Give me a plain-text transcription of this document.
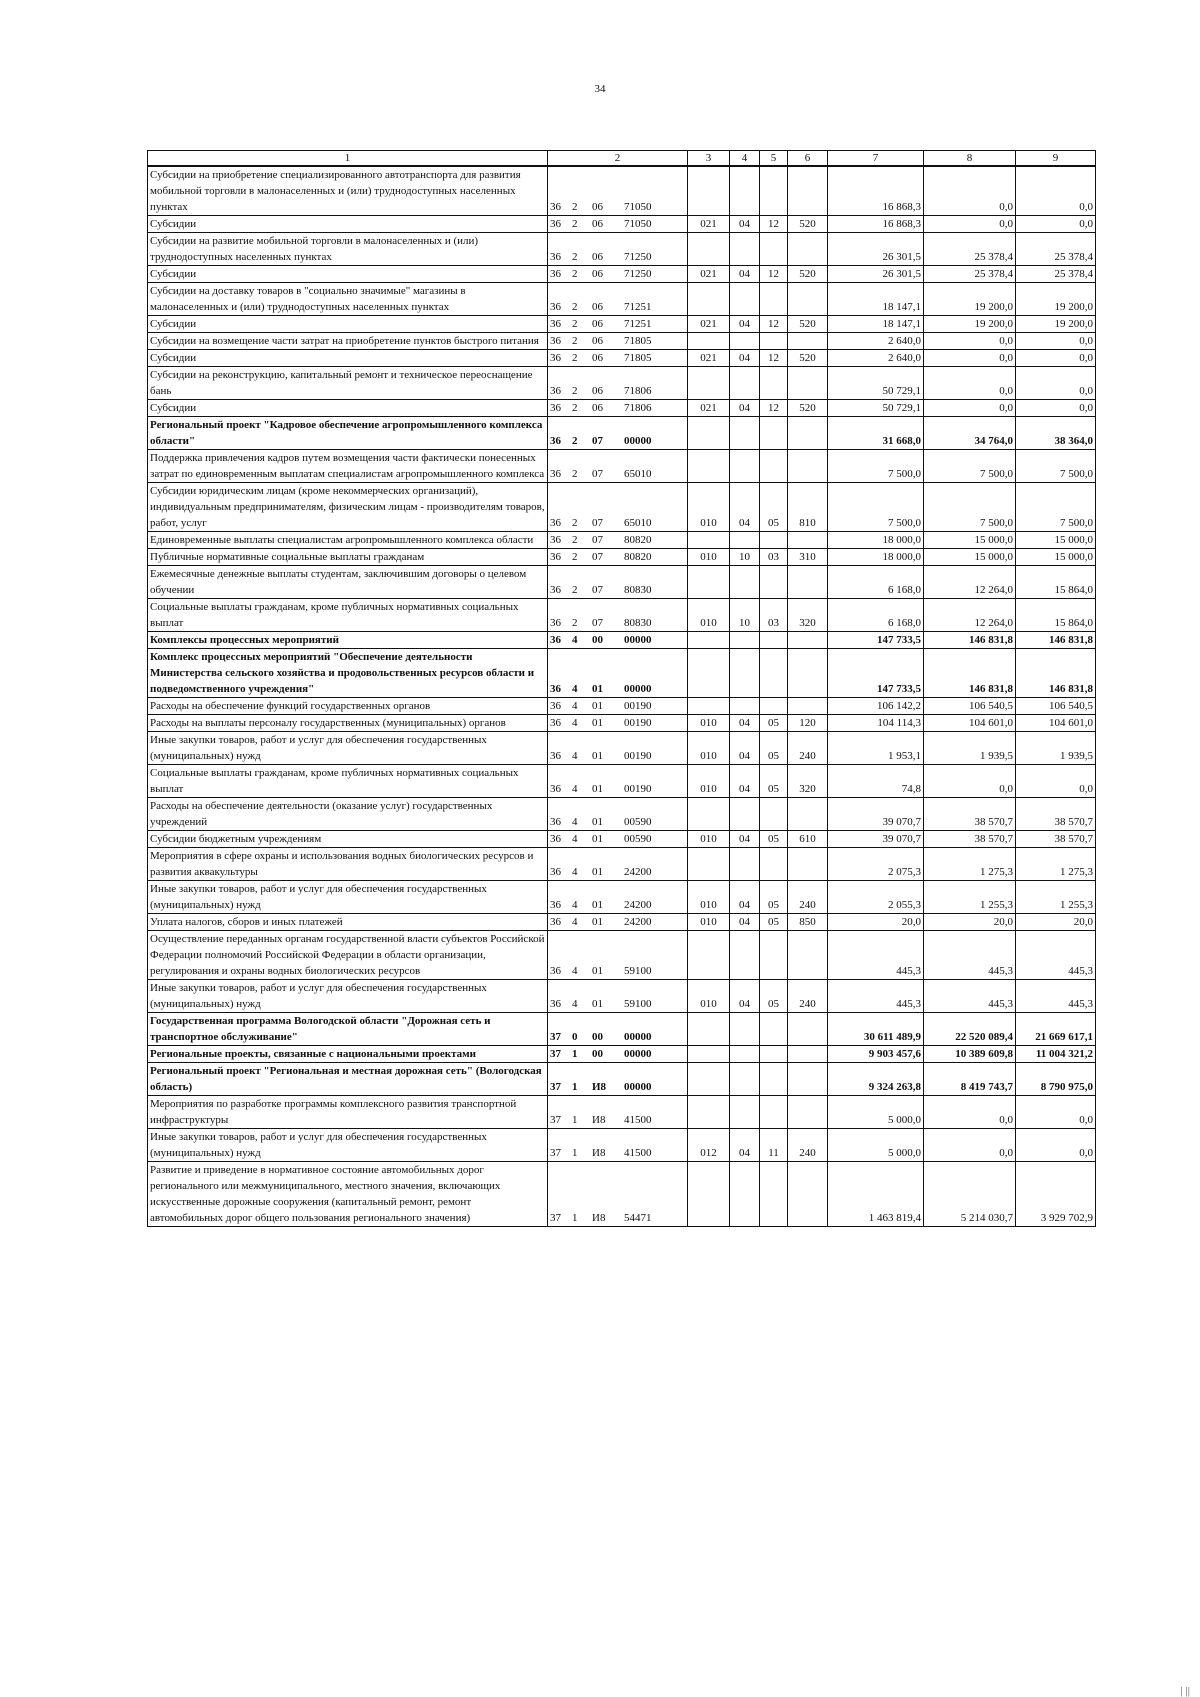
34
1	2	3	4	5	6	7	8	9
Субсидии на приобретение специализированного автотранспорта для развития мобильной торговли в малонаселенных и (или) труднодоступных населенных пунктах	36 2 06 71050					16 868,3	0,0	0,0
Субсидии	36 2 06 71050	021	04	12	520	16 868,3	0,0	0,0
Субсидии на развитие мобильной торговли в малонаселенных и (или) труднодоступных населенных пунктах	36 2 06 71250					26 301,5	25 378,4	25 378,4
Субсидии	36 2 06 71250	021	04	12	520	26 301,5	25 378,4	25 378,4
Субсидии на доставку товаров в "социально значимые" магазины в малонаселенных и (или) труднодоступных населенных пунктах	36 2 06 71251					18 147,1	19 200,0	19 200,0
Субсидии	36 2 06 71251	021	04	12	520	18 147,1	19 200,0	19 200,0
Субсидии на возмещение части затрат на приобретение пунктов быстрого питания	36 2 06 71805					2 640,0	0,0	0,0
Субсидии	36 2 06 71805	021	04	12	520	2 640,0	0,0	0,0
Субсидии на реконструкцию, капитальный ремонт и техническое переоснащение бань	36 2 06 71806					50 729,1	0,0	0,0
Субсидии	36 2 06 71806	021	04	12	520	50 729,1	0,0	0,0
Региональный проект "Кадровое обеспечение агропромышленного комплекса области"	36 2 07 00000					31 668,0	34 764,0	38 364,0
Поддержка привлечения кадров путем возмещения части фактически понесенных затрат по единовременным выплатам специалистам агропромышленного комплекса	36 2 07 65010					7 500,0	7 500,0	7 500,0
Субсидии юридическим лицам (кроме некоммерческих организаций), индивидуальным предпринимателям, физическим лицам - производителям товаров, работ, услуг	36 2 07 65010	010	04	05	810	7 500,0	7 500,0	7 500,0
Единовременные выплаты специалистам агропромышленного комплекса области	36 2 07 80820					18 000,0	15 000,0	15 000,0
Публичные нормативные социальные выплаты гражданам	36 2 07 80820	010	10	03	310	18 000,0	15 000,0	15 000,0
Ежемесячные денежные выплаты студентам, заключившим договоры о целевом обучении	36 2 07 80830					6 168,0	12 264,0	15 864,0
Социальные выплаты гражданам, кроме публичных нормативных социальных выплат	36 2 07 80830	010	10	03	320	6 168,0	12 264,0	15 864,0
Комплексы процессных мероприятий	36 4 00 00000					147 733,5	146 831,8	146 831,8
Комплекс процессных мероприятий "Обеспечение деятельности Министерства сельского хозяйства и продовольственных ресурсов области и подведомственного учреждения"	36 4 01 00000					147 733,5	146 831,8	146 831,8
Расходы на обеспечение функций государственных органов	36 4 01 00190					106 142,2	106 540,5	106 540,5
Расходы на выплаты персоналу государственных (муниципальных) органов	36 4 01 00190	010	04	05	120	104 114,3	104 601,0	104 601,0
Иные закупки товаров, работ и услуг для обеспечения государственных (муниципальных) нужд	36 4 01 00190	010	04	05	240	1 953,1	1 939,5	1 939,5
Социальные выплаты гражданам, кроме публичных нормативных социальных выплат	36 4 01 00190	010	04	05	320	74,8	0,0	0,0
Расходы на обеспечение деятельности (оказание услуг) государственных учреждений	36 4 01 00590					39 070,7	38 570,7	38 570,7
Субсидии бюджетным учреждениям	36 4 01 00590	010	04	05	610	39 070,7	38 570,7	38 570,7
Мероприятия в сфере охраны и использования водных биологических ресурсов и развития аквакультуры	36 4 01 24200					2 075,3	1 275,3	1 275,3
Иные закупки товаров, работ и услуг для обеспечения государственных (муниципальных) нужд	36 4 01 24200	010	04	05	240	2 055,3	1 255,3	1 255,3
Уплата налогов, сборов и иных платежей	36 4 01 24200	010	04	05	850	20,0	20,0	20,0
Осуществление переданных органам государственной власти субъектов Российской Федерации полномочий Российской Федерации в области организации, регулирования и охраны водных биологических ресурсов	36 4 01 59100					445,3	445,3	445,3
Иные закупки товаров, работ и услуг для обеспечения государственных (муниципальных) нужд	36 4 01 59100	010	04	05	240	445,3	445,3	445,3
Государственная программа Вологодской области "Дорожная сеть и транспортное обслуживание"	37 0 00 00000					30 611 489,9	22 520 089,4	21 669 617,1
Региональные проекты, связанные с национальными проектами	37 1 00 00000					9 903 457,6	10 389 609,8	11 004 321,2
Региональный проект "Региональная и местная дорожная сеть" (Вологодская область)	37 1 И8 00000					9 324 263,8	8 419 743,7	8 790 975,0
Мероприятия по разработке программы комплексного развития транспортной инфраструктуры	37 1 И8 41500					5 000,0	0,0	0,0
Иные закупки товаров, работ и услуг для обеспечения государственных (муниципальных) нужд	37 1 И8 41500	012	04	11	240	5 000,0	0,0	0,0
Развитие и приведение в нормативное состояние автомобильных дорог регионального или межмуниципального, местного значения, включающих искусственные дорожные сооружения (капитальный ремонт, ремонт автомобильных дорог общего пользования регионального значения)	37 1 И8 54471					1 463 819,4	5 214 030,7	3 929 702,9
| ||
